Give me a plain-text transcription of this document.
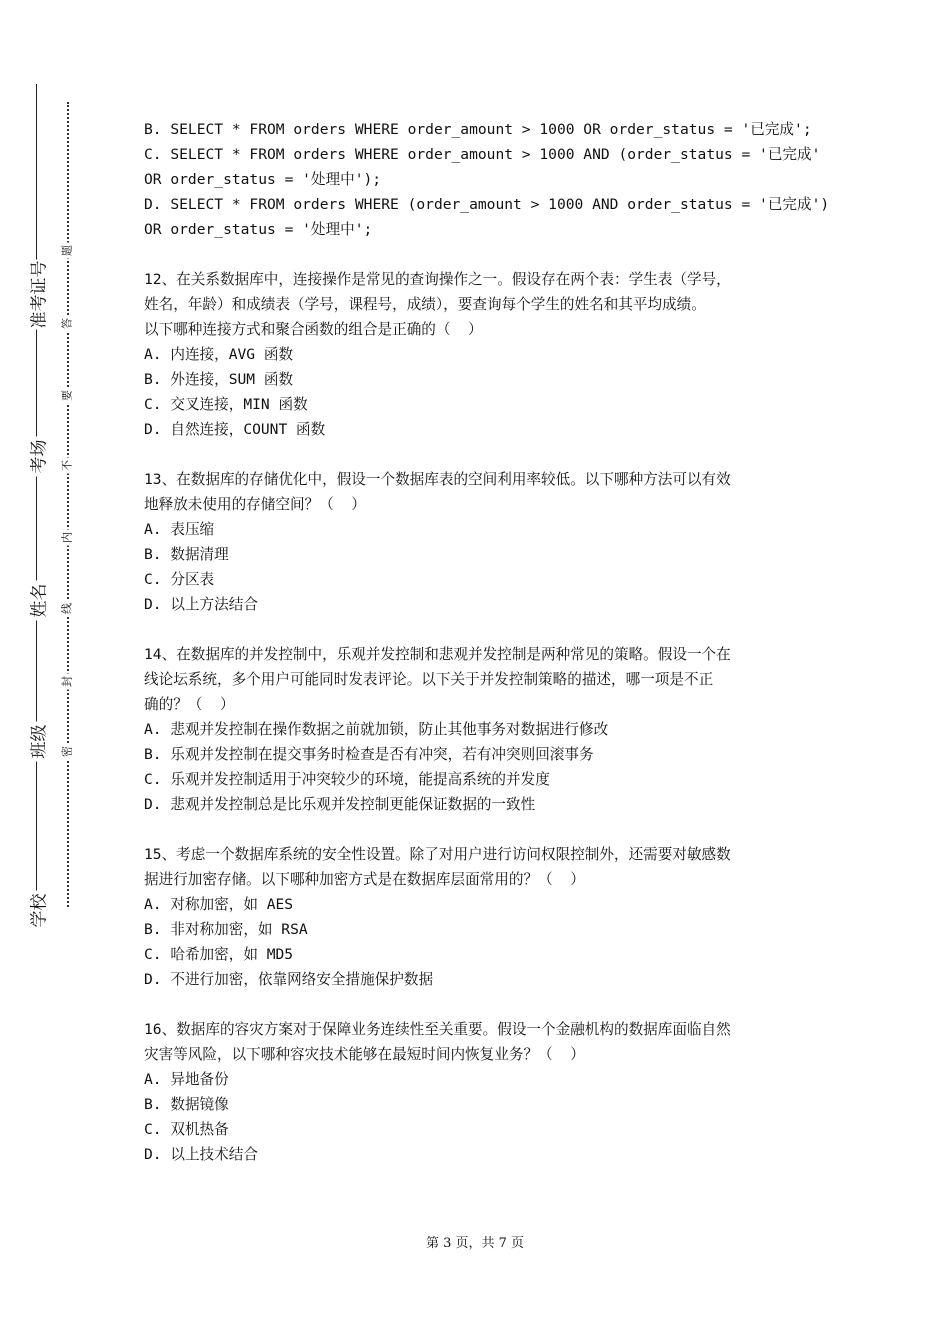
准考证号
考场
姓名
班级
学校
题
答
要
不
内
线
封
密
B. SELECT * FROM orders WHERE order_amount > 1000 OR order_status = '已完成';
C. SELECT * FROM orders WHERE order_amount > 1000 AND (order_status = '已完成'
OR order_status = '处理中');
D. SELECT * FROM orders WHERE (order_amount > 1000 AND order_status = '已完成')
OR order_status = '处理中';
12、在关系数据库中，连接操作是常见的查询操作之一。假设存在两个表：学生表（学号，
姓名，年龄）和成绩表（学号，课程号，成绩），要查询每个学生的姓名和其平均成绩。
以下哪种连接方式和聚合函数的组合是正确的（  ）
A. 内连接，AVG 函数
B. 外连接，SUM 函数
C. 交叉连接，MIN 函数
D. 自然连接，COUNT 函数
13、在数据库的存储优化中，假设一个数据库表的空间利用率较低。以下哪种方法可以有效
地释放未使用的存储空间？（  ）
A. 表压缩
B. 数据清理
C. 分区表
D. 以上方法结合
14、在数据库的并发控制中，乐观并发控制和悲观并发控制是两种常见的策略。假设一个在
线论坛系统，多个用户可能同时发表评论。以下关于并发控制策略的描述，哪一项是不正
确的？（  ）
A. 悲观并发控制在操作数据之前就加锁，防止其他事务对数据进行修改
B. 乐观并发控制在提交事务时检查是否有冲突，若有冲突则回滚事务
C. 乐观并发控制适用于冲突较少的环境，能提高系统的并发度
D. 悲观并发控制总是比乐观并发控制更能保证数据的一致性
15、考虑一个数据库系统的安全性设置。除了对用户进行访问权限控制外，还需要对敏感数
据进行加密存储。以下哪种加密方式是在数据库层面常用的？（  ）
A. 对称加密，如 AES
B. 非对称加密，如 RSA
C. 哈希加密，如 MD5
D. 不进行加密，依靠网络安全措施保护数据
16、数据库的容灾方案对于保障业务连续性至关重要。假设一个金融机构的数据库面临自然
灾害等风险，以下哪种容灾技术能够在最短时间内恢复业务？（  ）
A. 异地备份
B. 数据镜像
C. 双机热备
D. 以上技术结合
第 3 页，共 7 页
